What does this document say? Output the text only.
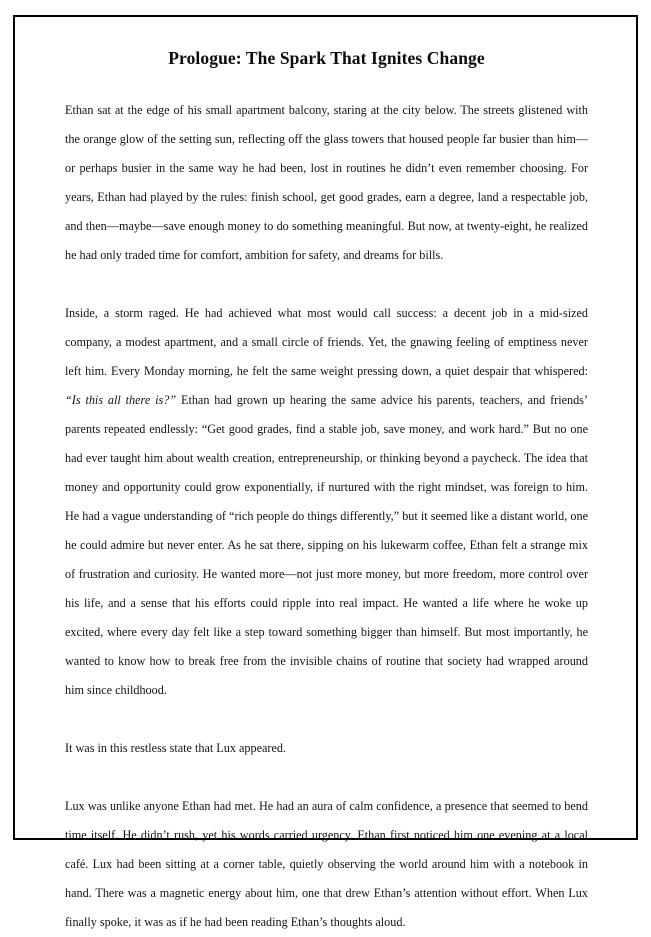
Prologue: The Spark That Ignites Change

Ethan sat at the edge of his small apartment balcony, staring at the city below. The streets glistened with the orange glow of the setting sun, reflecting off the glass towers that housed people far busier than him—or perhaps busier in the same way he had been, lost in routines he didn’t even remember choosing. For years, Ethan had played by the rules: finish school, get good grades, earn a degree, land a respectable job, and then—maybe—save enough money to do something meaningful. But now, at twenty-eight, he realized he had only traded time for comfort, ambition for safety, and dreams for bills.

Inside, a storm raged. He had achieved what most would call success: a decent job in a mid-sized company, a modest apartment, and a small circle of friends. Yet, the gnawing feeling of emptiness never left him. Every Monday morning, he felt the same weight pressing down, a quiet despair that whispered: “Is this all there is?” Ethan had grown up hearing the same advice his parents, teachers, and friends’ parents repeated endlessly: “Get good grades, find a stable job, save money, and work hard.” But no one had ever taught him about wealth creation, entrepreneurship, or thinking beyond a paycheck. The idea that money and opportunity could grow exponentially, if nurtured with the right mindset, was foreign to him. He had a vague understanding of “rich people do things differently,” but it seemed like a distant world, one he could admire but never enter. As he sat there, sipping on his lukewarm coffee, Ethan felt a strange mix of frustration and curiosity. He wanted more—not just more money, but more freedom, more control over his life, and a sense that his efforts could ripple into real impact. He wanted a life where he woke up excited, where every day felt like a step toward something bigger than himself. But most importantly, he wanted to know how to break free from the invisible chains of routine that society had wrapped around him since childhood.

It was in this restless state that Lux appeared.

Lux was unlike anyone Ethan had met. He had an aura of calm confidence, a presence that seemed to bend time itself. He didn’t rush, yet his words carried urgency. Ethan first noticed him one evening at a local café. Lux had been sitting at a corner table, quietly observing the world around him with a notebook in hand. There was a magnetic energy about him, one that drew Ethan’s attention without effort. When Lux finally spoke, it was as if he had been reading Ethan’s thoughts aloud.
